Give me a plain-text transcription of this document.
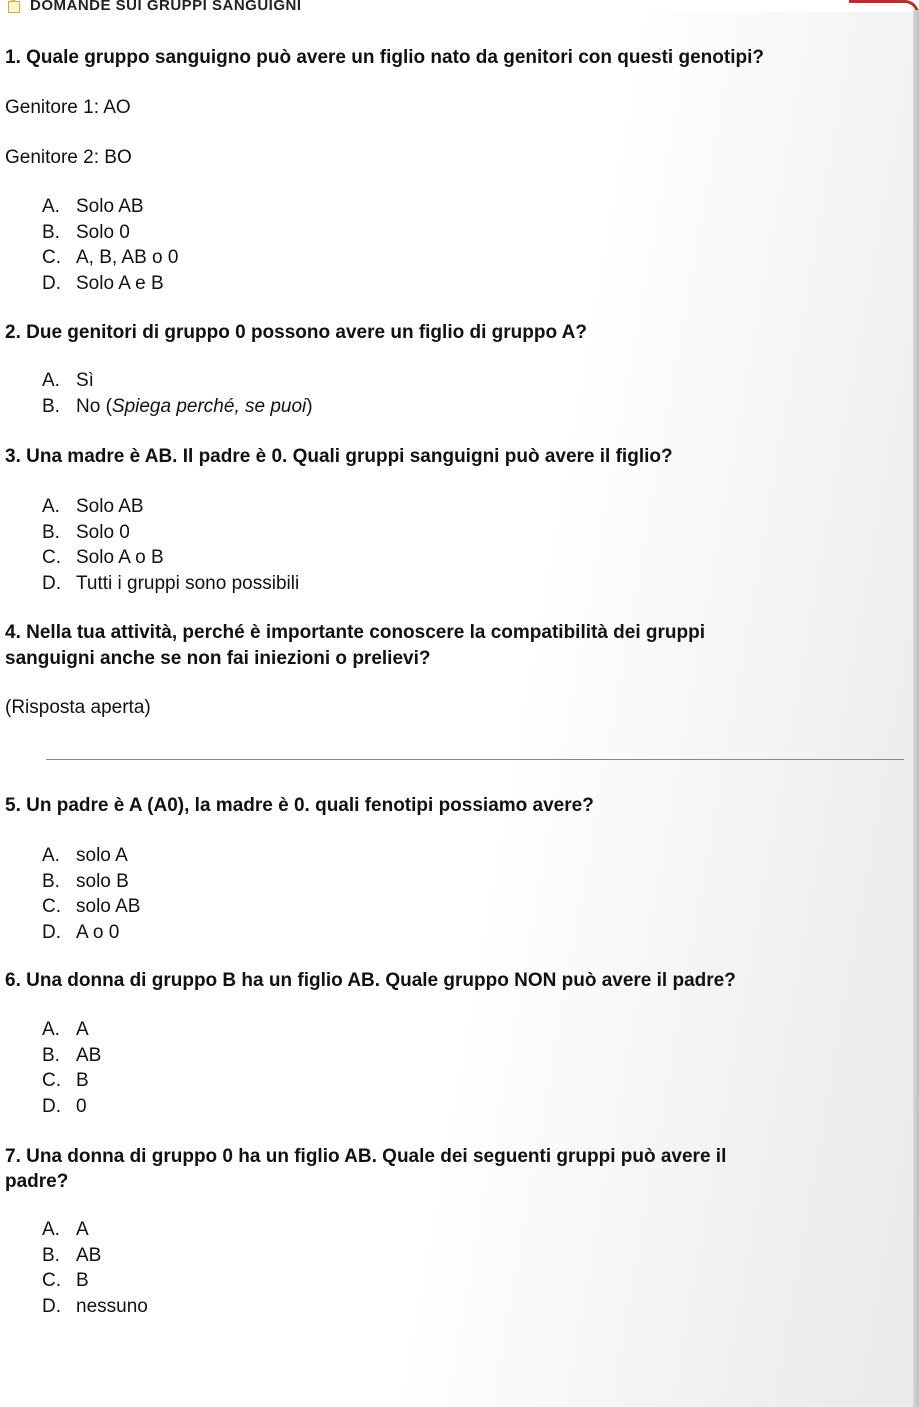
DOMANDE SUI GRUPPI SANGUIGNI
1. Quale gruppo sanguigno può avere un figlio nato da genitori con questi genotipi?
Genitore 1: AO
Genitore 2: BO
A. Solo AB
B. Solo 0
C. A, B, AB o 0
D. Solo A e B
2. Due genitori di gruppo 0 possono avere un figlio di gruppo A?
A. Sì
B. No (Spiega perché, se puoi)
3. Una madre è AB. Il padre è 0. Quali gruppi sanguigni può avere il figlio?
A. Solo AB
B. Solo 0
C. Solo A o B
D. Tutti i gruppi sono possibili
4. Nella tua attività, perché è importante conoscere la compatibilità dei gruppi
sanguigni anche se non fai iniezioni o prelievi?
(Risposta aperta)
5. Un padre è A (A0), la madre è 0. quali fenotipi possiamo avere?
A. solo A
B. solo B
C. solo AB
D. A o 0
6. Una donna di gruppo B ha un figlio AB. Quale gruppo NON può avere il padre?
A. A
B. AB
C. B
D. 0
7. Una donna di gruppo 0 ha un figlio AB. Quale dei seguenti gruppi può avere il
padre?
A. A
B. AB
C. B
D. nessuno
